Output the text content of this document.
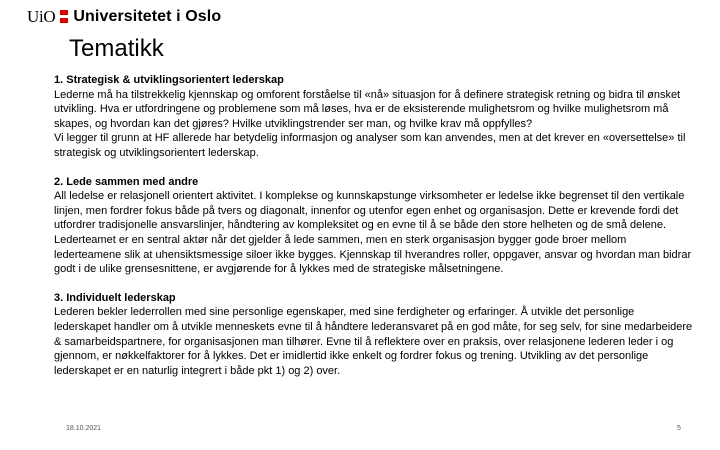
UiO Universitetet i Oslo
Tematikk

1. Strategisk & utviklingsorientert lederskap

Lederne må ha tilstrekkelig kjennskap og omforent forståelse til «nå» situasjon for å definere strategisk retning og bidra til ønsket utvikling. Hva er utfordringene og problemene som må løses, hva er de eksisterende mulighetsrom og hvilke mulighetsrom må skapes, og hvordan kan det gjøres? Hvilke utviklingstrender ser man, og hvilke krav må oppfylles?

Vi legger til grunn at HF allerede har betydelig informasjon og analyser som kan anvendes, men at det krever en «oversettelse» til strategisk og utviklingsorientert lederskap.

2. Lede sammen med andre

All ledelse er relasjonell orientert aktivitet. I komplekse og kunnskapstunge virksomheter er ledelse ikke begrenset til den vertikale linjen, men fordrer fokus både på tvers og diagonalt, innenfor og utenfor egen enhet og organisasjon. Dette er krevende fordi det utfordrer tradisjonelle ansvarslinjer, håndtering av kompleksitet og en evne til å se både den store helheten og de små delene. Lederteamet er en sentral aktør når det gjelder å lede sammen, men en sterk organisasjon bygger gode broer mellom lederteamene slik at uhensiktsmessige siloer ikke bygges. Kjennskap til hverandres roller, oppgaver, ansvar og hvordan man bidrar godt i de ulike grensesnittene, er avgjørende for å lykkes med de strategiske målsetningene.

3. Individuelt lederskap

Lederen bekler lederrollen med sine personlige egenskaper, med sine ferdigheter og erfaringer. Å utvikle det personlige lederskapet handler om å utvikle menneskets evne til å håndtere lederansvaret på en god måte, for seg selv, for sine medarbeidere & samarbeidspartnere, for organisasjonen man tilhører. Evne til å reflektere over en praksis, over relasjonene lederen leder i og gjennom, er nøkkelfaktorer for å lykkes. Det er imidlertid ikke enkelt og fordrer fokus og trening. Utvikling av det personlige lederskapet er en naturlig integrert i både pkt 1) og 2) over.

18.10.2021	5
